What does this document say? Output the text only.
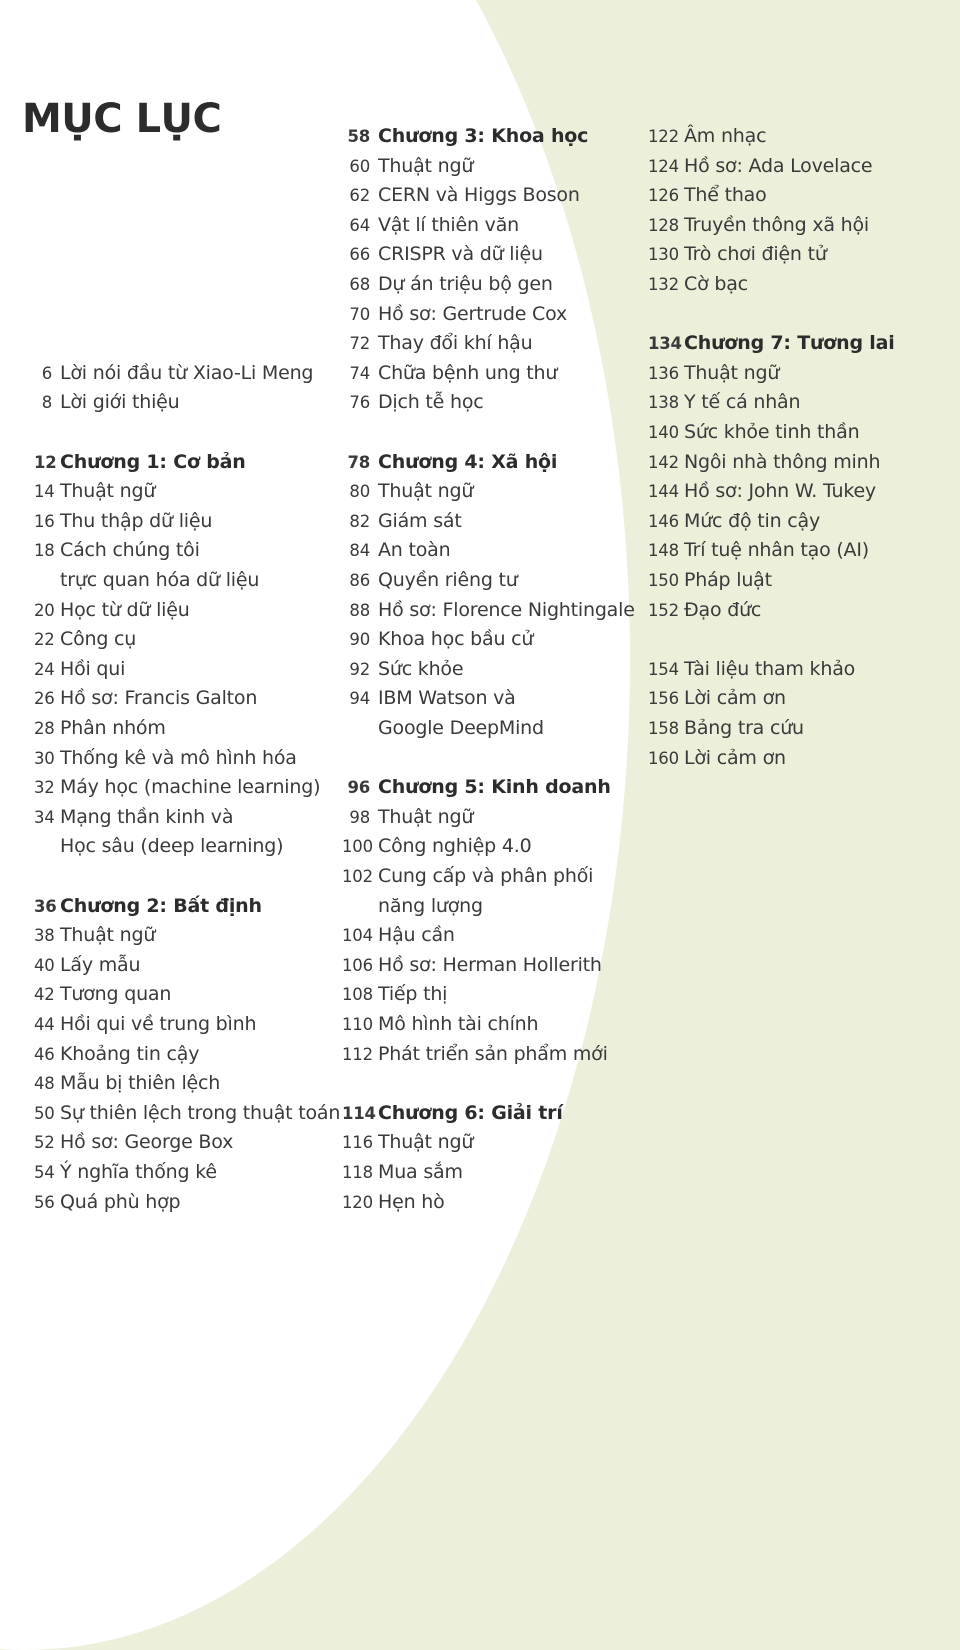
MỤC LỤC
6 Lời nói đầu từ Xiao-Li Meng
8 Lời giới thiệu
12 Chương 1: Cơ bản
14 Thuật ngữ
16 Thu thập dữ liệu
18 Cách chúng tôi
trực quan hóa dữ liệu
20 Học từ dữ liệu
22 Công cụ
24 Hồi qui
26 Hồ sơ: Francis Galton
28 Phân nhóm
30 Thống kê và mô hình hóa
32 Máy học (machine learning)
34 Mạng thần kinh và
Học sâu (deep learning)
36 Chương 2: Bất định
38 Thuật ngữ
40 Lấy mẫu
42 Tương quan
44 Hồi qui về trung bình
46 Khoảng tin cậy
48 Mẫu bị thiên lệch
50 Sự thiên lệch trong thuật toán
52 Hồ sơ: George Box
54 Ý nghĩa thống kê
56 Quá phù hợp
58 Chương 3: Khoa học
60 Thuật ngữ
62 CERN và Higgs Boson
64 Vật lí thiên văn
66 CRISPR và dữ liệu
68 Dự án triệu bộ gen
70 Hồ sơ: Gertrude Cox
72 Thay đổi khí hậu
74 Chữa bệnh ung thư
76 Dịch tễ học
78 Chương 4: Xã hội
80 Thuật ngữ
82 Giám sát
84 An toàn
86 Quyền riêng tư
88 Hồ sơ: Florence Nightingale
90 Khoa học bầu cử
92 Sức khỏe
94 IBM Watson và
Google DeepMind
96 Chương 5: Kinh doanh
98 Thuật ngữ
100 Công nghiệp 4.0
102 Cung cấp và phân phối
năng lượng
104 Hậu cần
106 Hồ sơ: Herman Hollerith
108 Tiếp thị
110 Mô hình tài chính
112 Phát triển sản phẩm mới
114 Chương 6: Giải trí
116 Thuật ngữ
118 Mua sắm
120 Hẹn hò
122 Âm nhạc
124 Hồ sơ: Ada Lovelace
126 Thể thao
128 Truyền thông xã hội
130 Trò chơi điện tử
132 Cờ bạc
134 Chương 7: Tương lai
136 Thuật ngữ
138 Y tế cá nhân
140 Sức khỏe tinh thần
142 Ngôi nhà thông minh
144 Hồ sơ: John W. Tukey
146 Mức độ tin cậy
148 Trí tuệ nhân tạo (AI)
150 Pháp luật
152 Đạo đức
154 Tài liệu tham khảo
156 Lời cảm ơn
158 Bảng tra cứu
160 Lời cảm ơn
